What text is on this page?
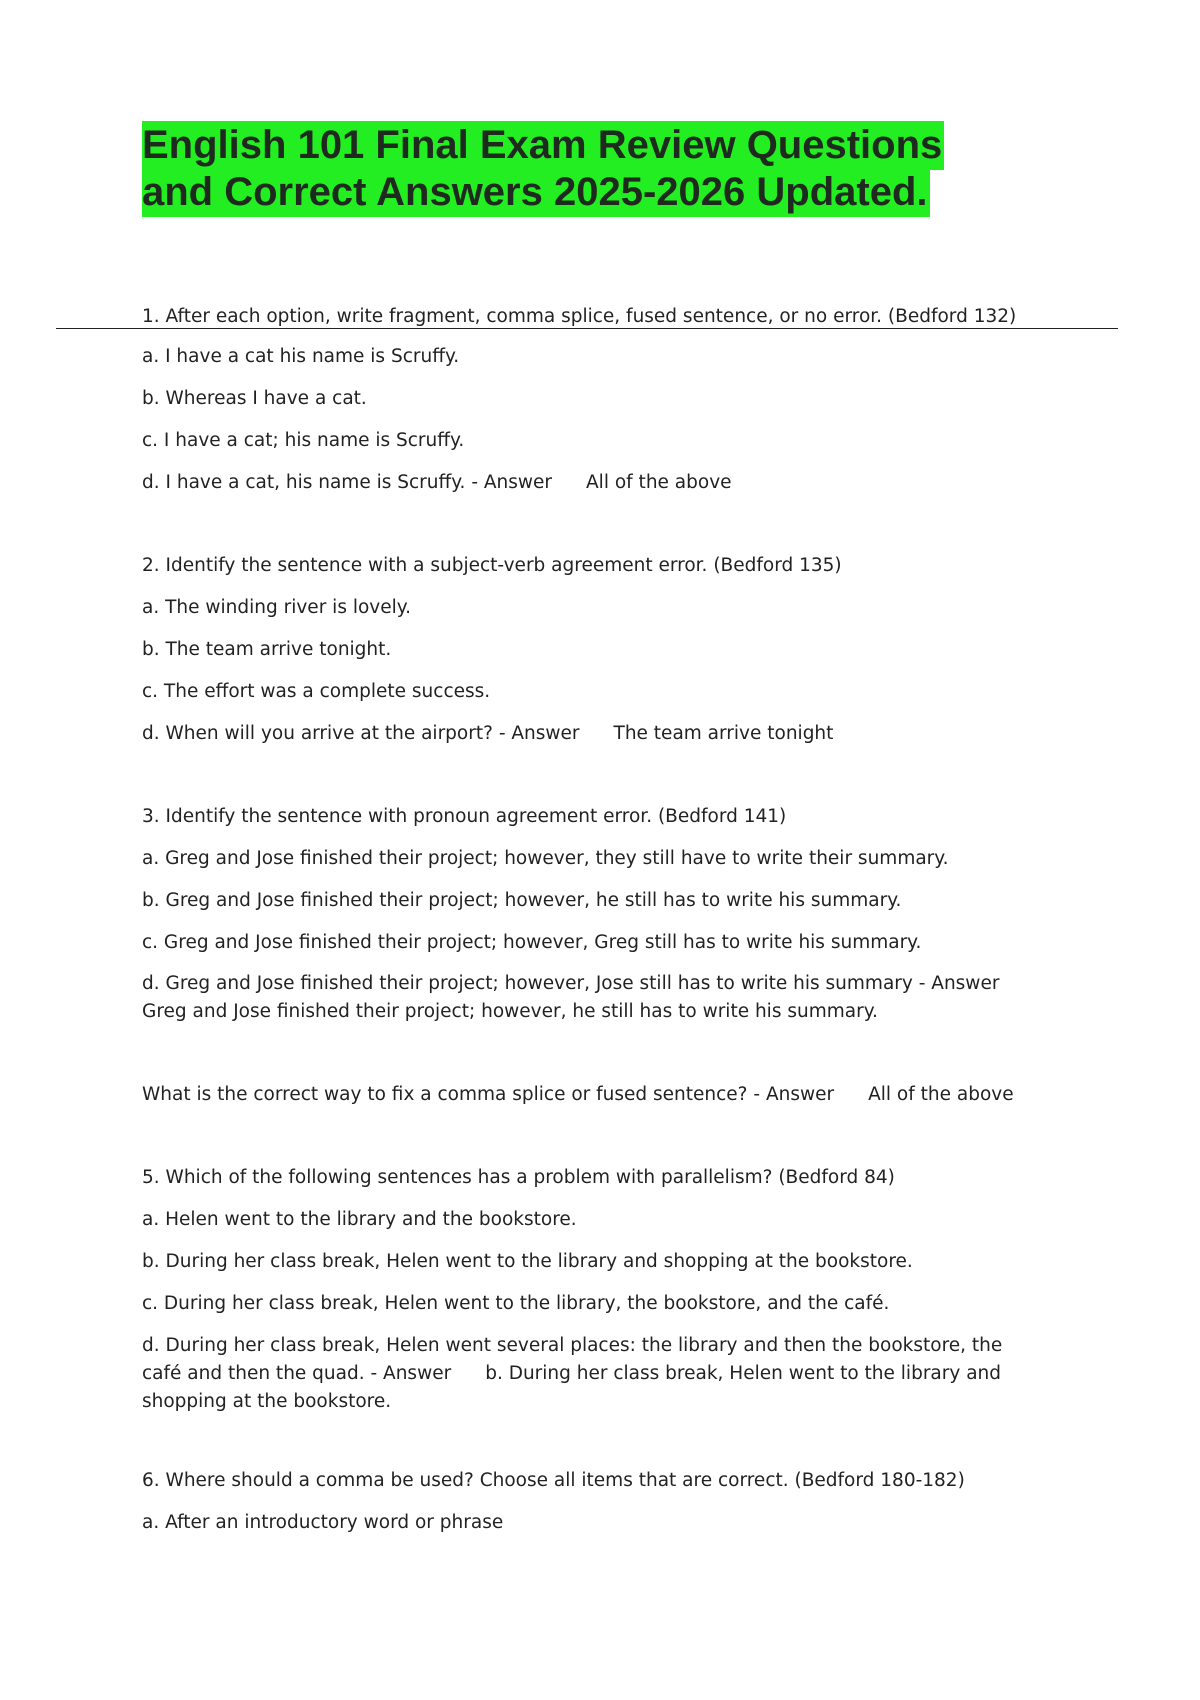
English 101 Final Exam Review Questions and Correct Answers 2025-2026 Updated.

1. After each option, write fragment, comma splice, fused sentence, or no error. (Bedford 132)

a. I have a cat his name is Scruffy.

b. Whereas I have a cat.

c. I have a cat; his name is Scruffy.

d. I have a cat, his name is Scruffy. - Answer All of the above

2. Identify the sentence with a subject-verb agreement error. (Bedford 135)

a. The winding river is lovely.

b. The team arrive tonight.

c. The effort was a complete success.

d. When will you arrive at the airport? - Answer The team arrive tonight

3. Identify the sentence with pronoun agreement error. (Bedford 141)

a. Greg and Jose finished their project; however, they still have to write their summary.

b. Greg and Jose finished their project; however, he still has to write his summary.

c. Greg and Jose finished their project; however, Greg still has to write his summary.

d. Greg and Jose finished their project; however, Jose still has to write his summary - Answer Greg and Jose finished their project; however, he still has to write his summary.

What is the correct way to fix a comma splice or fused sentence? - Answer All of the above

5. Which of the following sentences has a problem with parallelism? (Bedford 84)

a. Helen went to the library and the bookstore.

b. During her class break, Helen went to the library and shopping at the bookstore.

c. During her class break, Helen went to the library, the bookstore, and the café.

d. During her class break, Helen went several places: the library and then the bookstore, the café and then the quad. - Answer b. During her class break, Helen went to the library and shopping at the bookstore.

6. Where should a comma be used? Choose all items that are correct. (Bedford 180-182)

a. After an introductory word or phrase
